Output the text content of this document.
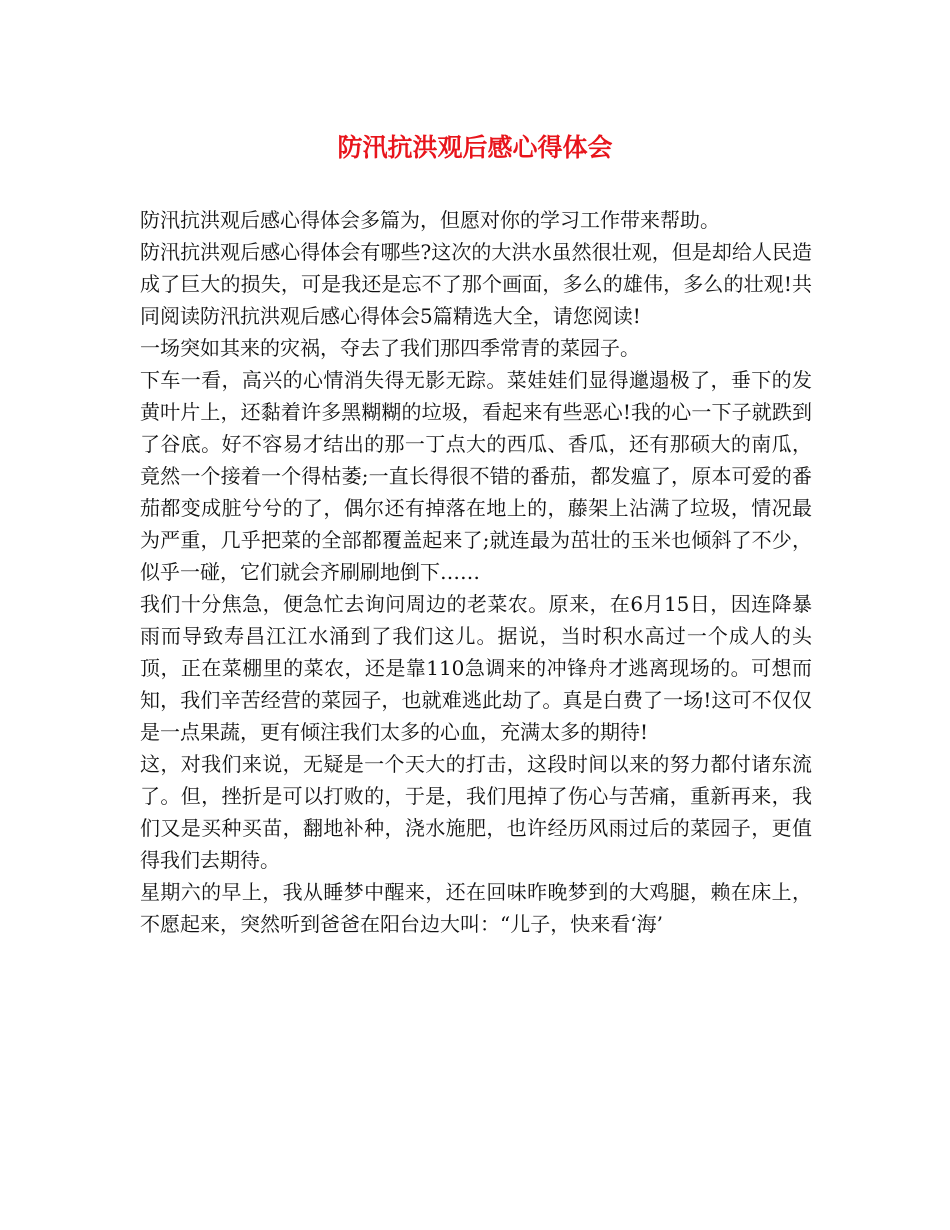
防汛抗洪观后感心得体会

防汛抗洪观后感心得体会多篇为，但愿对你的学习工作带来帮助。

防汛抗洪观后感心得体会有哪些?这次的大洪水虽然很壮观，但是却给人民造成了巨大的损失，可是我还是忘不了那个画面，多么的雄伟，多么的壮观!共同阅读防汛抗洪观后感心得体会5篇精选大全，请您阅读!

一场突如其来的灾祸，夺去了我们那四季常青的菜园子。

下车一看，高兴的心情消失得无影无踪。菜娃娃们显得邋遢极了，垂下的发黄叶片上，还黏着许多黑糊糊的垃圾，看起来有些恶心!我的心一下子就跌到了谷底。好不容易才结出的那一丁点大的西瓜、香瓜，还有那硕大的南瓜，竟然一个接着一个得枯萎;一直长得很不错的番茄，都发瘟了，原本可爱的番茄都变成脏兮兮的了，偶尔还有掉落在地上的，藤架上沾满了垃圾，情况最为严重，几乎把菜的全部都覆盖起来了;就连最为茁壮的玉米也倾斜了不少，似乎一碰，它们就会齐刷刷地倒下……

我们十分焦急，便急忙去询问周边的老菜农。原来，在6月15日，因连降暴雨而导致寿昌江江水涌到了我们这儿。据说，当时积水高过一个成人的头顶，正在菜棚里的菜农，还是靠110急调来的冲锋舟才逃离现场的。可想而知，我们辛苦经营的菜园子，也就难逃此劫了。真是白费了一场!这可不仅仅是一点果蔬，更有倾注我们太多的心血，充满太多的期待!

这，对我们来说，无疑是一个天大的打击，这段时间以来的努力都付诸东流了。但，挫折是可以打败的，于是，我们甩掉了伤心与苦痛，重新再来，我们又是买种买苗，翻地补种，浇水施肥，也许经历风雨过后的菜园子，更值得我们去期待。

星期六的早上，我从睡梦中醒来，还在回味昨晚梦到的大鸡腿，赖在床上，不愿起来，突然听到爸爸在阳台边大叫：“儿子，快来看‘海’
